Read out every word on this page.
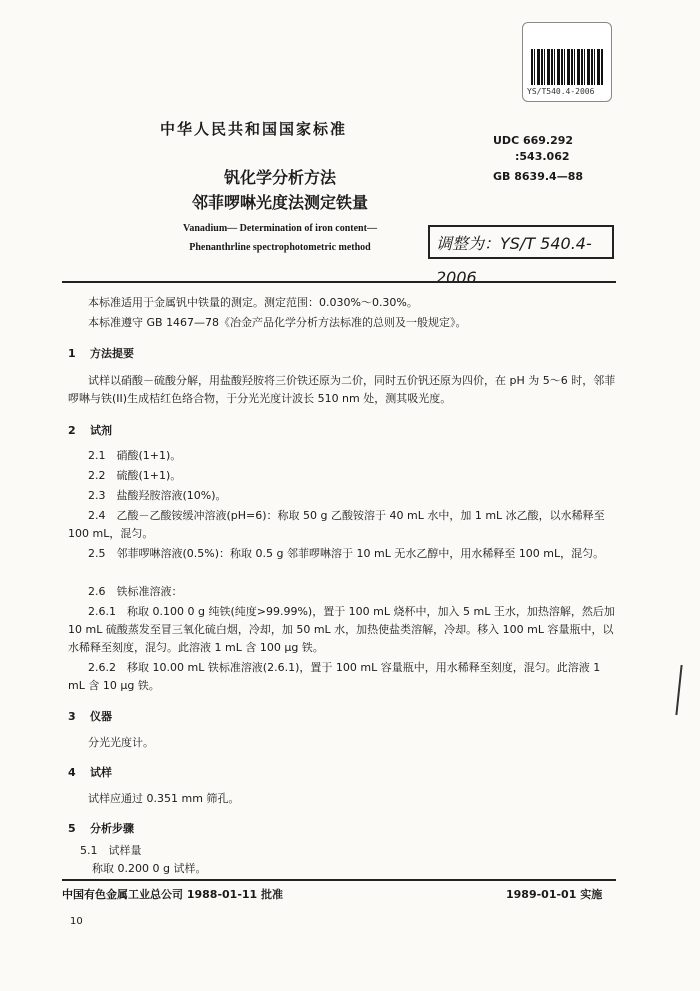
YS/T540.4-2006
中华人民共和国国家标准
UDC 669.292
:543.062
GB 8639.4—88
钒化学分析方法
邻菲啰啉光度法测定铁量
Vanadium— Determination of iron content—
Phenanthrline spectrophotometric method	调整为：YS/T 540.4-2006
本标准适用于金属钒中铁量的测定。测定范围：0.030%～0.30%。
本标准遵守 GB 1467—78《冶金产品化学分析方法标准的总则及一般规定》。
1 方法提要
试样以硝酸－硫酸分解，用盐酸羟胺将三价铁还原为二价，同时五价钒还原为四价，在 pH 为 5～6 时，邻菲啰啉与铁(II)生成桔红色络合物，于分光光度计波长 510 nm 处，测其吸光度。
2 试剂
2.1　硝酸(1+1)。
2.2　硫酸(1+1)。
2.3　盐酸羟胺溶液(10%)。
2.4　乙酸－乙酸铵缓冲溶液(pH=6)：称取 50 g 乙酸铵溶于 40 mL 水中，加 1 mL 冰乙酸，以水稀释至 100 mL，混匀。
2.5　邻菲啰啉溶液(0.5%)：称取 0.5 g 邻菲啰啉溶于 10 mL 无水乙醇中，用水稀释至 100 mL，混匀。
2.6　铁标准溶液：
2.6.1　称取 0.100 0 g 纯铁(纯度>99.99%)，置于 100 mL 烧杯中，加入 5 mL 王水，加热溶解，然后加 10 mL 硫酸蒸发至冒三氧化硫白烟，冷却，加 50 mL 水，加热使盐类溶解，冷却。移入 100 mL 容量瓶中，以水稀释至刻度，混匀。此溶液 1 mL 含 100 μg 铁。
2.6.2　移取 10.00 mL 铁标准溶液(2.6.1)，置于 100 mL 容量瓶中，用水稀释至刻度，混匀。此溶液 1 mL 含 10 μg 铁。
3 仪器
分光光度计。
4 试样
试样应通过 0.351 mm 筛孔。
5 分析步骤
5.1　试样量
称取 0.200 0 g 试样。
中国有色金属工业总公司 1988-01-11 批准	1989-01-01 实施
10
